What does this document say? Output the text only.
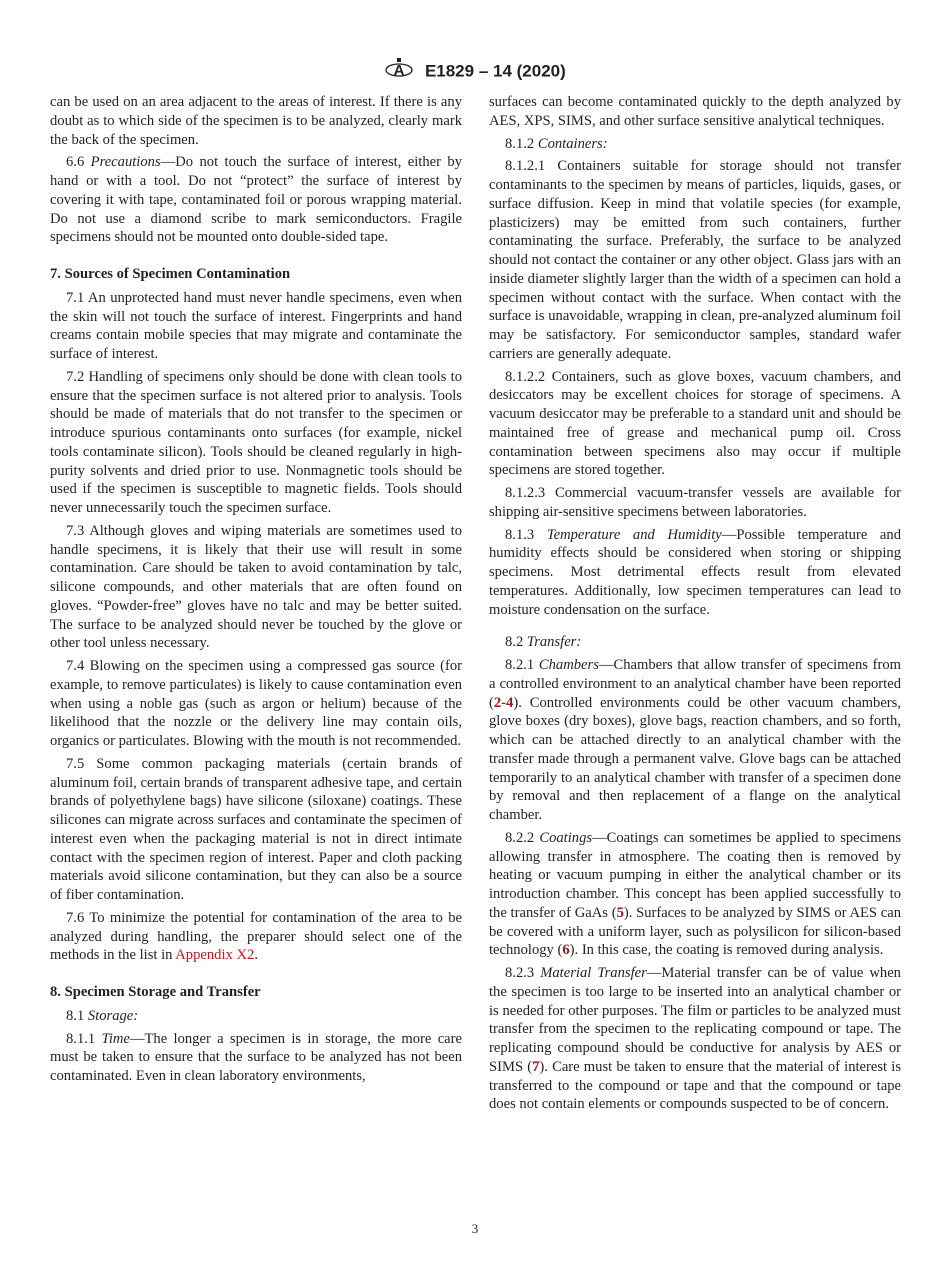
A E1829 – 14 (2020)

can be used on an area adjacent to the areas of interest. If there is any doubt as to which side of the specimen is to be analyzed, clearly mark the back of the specimen.

6.6 Precautions—Do not touch the surface of interest, either by hand or with a tool. Do not “protect” the surface of interest by covering it with tape, contaminated foil or porous wrapping material. Do not use a diamond scribe to mark semiconductors. Fragile specimens should not be mounted onto double-sided tape.

7. Sources of Specimen Contamination

7.1 An unprotected hand must never handle specimens, even when the skin will not touch the surface of interest. Fingerprints and hand creams contain mobile species that may migrate and contaminate the surface of interest.

7.2 Handling of specimens only should be done with clean tools to ensure that the specimen surface is not altered prior to analysis. Tools should be made of materials that do not transfer to the specimen or introduce spurious contaminants onto surfaces (for example, nickel tools contaminate silicon). Tools should be cleaned regularly in high-purity solvents and dried prior to use. Nonmagnetic tools should be used if the specimen is susceptible to magnetic fields. Tools should never unnecessarily touch the specimen surface.

7.3 Although gloves and wiping materials are sometimes used to handle specimens, it is likely that their use will result in some contamination. Care should be taken to avoid contamination by talc, silicone compounds, and other materials that are often found on gloves. “Powder-free” gloves have no talc and may be better suited. The surface to be analyzed should never be touched by the glove or other tool unless necessary.

7.4 Blowing on the specimen using a compressed gas source (for example, to remove particulates) is likely to cause contamination even when using a noble gas (such as argon or helium) because of the likelihood that the nozzle or the delivery line may contain oils, organics or particulates. Blowing with the mouth is not recommended.

7.5 Some common packaging materials (certain brands of aluminum foil, certain brands of transparent adhesive tape, and certain brands of polyethylene bags) have silicone (siloxane) coatings. These silicones can migrate across surfaces and contaminate the specimen of interest even when the packaging material is not in direct intimate contact with the specimen region of interest. Paper and cloth packing materials avoid silicone contamination, but they can also be a source of fiber contamination.

7.6 To minimize the potential for contamination of the area to be analyzed during handling, the preparer should select one of the methods in the list in Appendix X2.

8. Specimen Storage and Transfer

8.1 Storage:

8.1.1 Time—The longer a specimen is in storage, the more care must be taken to ensure that the surface to be analyzed has not been contaminated. Even in clean laboratory environments,

surfaces can become contaminated quickly to the depth analyzed by AES, XPS, SIMS, and other surface sensitive analytical techniques.

8.1.2 Containers:

8.1.2.1 Containers suitable for storage should not transfer contaminants to the specimen by means of particles, liquids, gases, or surface diffusion. Keep in mind that volatile species (for example, plasticizers) may be emitted from such containers, further contaminating the surface. Preferably, the surface to be analyzed should not contact the container or any other object. Glass jars with an inside diameter slightly larger than the width of a specimen can hold a specimen without contact with the surface. When contact with the surface is unavoidable, wrapping in clean, pre-analyzed aluminum foil may be satisfactory. For semiconductor samples, standard wafer carriers are generally adequate.

8.1.2.2 Containers, such as glove boxes, vacuum chambers, and desiccators may be excellent choices for storage of specimens. A vacuum desiccator may be preferable to a standard unit and should be maintained free of grease and mechanical pump oil. Cross contamination between specimens also may occur if multiple specimens are stored together.

8.1.2.3 Commercial vacuum-transfer vessels are available for shipping air-sensitive specimens between laboratories.

8.1.3 Temperature and Humidity—Possible temperature and humidity effects should be considered when storing or shipping specimens. Most detrimental effects result from elevated temperatures. Additionally, low specimen temperatures can lead to moisture condensation on the surface.

8.2 Transfer:

8.2.1 Chambers—Chambers that allow transfer of specimens from a controlled environment to an analytical chamber have been reported (2-4). Controlled environments could be other vacuum chambers, glove boxes (dry boxes), glove bags, reaction chambers, and so forth, which can be attached directly to an analytical chamber with the transfer made through a permanent valve. Glove bags can be attached temporarily to an analytical chamber with transfer of a specimen done by removal and then replacement of a flange on the analytical chamber.

8.2.2 Coatings—Coatings can sometimes be applied to specimens allowing transfer in atmosphere. The coating then is removed by heating or vacuum pumping in either the analytical chamber or its introduction chamber. This concept has been applied successfully to the transfer of GaAs (5). Surfaces to be analyzed by SIMS or AES can be covered with a uniform layer, such as polysilicon for silicon-based technology (6). In this case, the coating is removed during analysis.

8.2.3 Material Transfer—Material transfer can be of value when the specimen is too large to be inserted into an analytical chamber or is needed for other purposes. The film or particles to be analyzed must transfer from the specimen to the replicating compound or tape. The replicating compound should be conductive for analysis by AES or SIMS (7). Care must be taken to ensure that the material of interest is transferred to the compound or tape and that the compound or tape does not contain elements or compounds suspected to be of concern.

3
